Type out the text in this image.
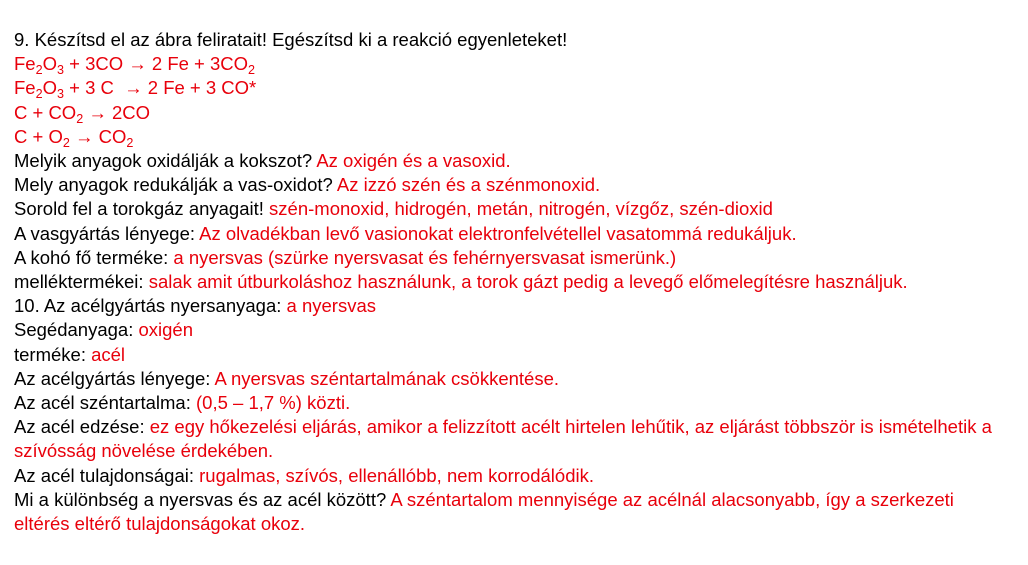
9. Készítsd el az ábra feliratait! Egészítsd ki a reakció egyenleteket!
$Fe_2O_3 + 3CO \to 2$ $Fe + 3CO_2$
$Fe_2O_3 + 3$ C  → 2 Fe + 3 CO*
$C + CO_2 \to 2CO$
$C + O_2 \to CO_2$
Melyik anyagok oxidálják a kokszot? Az oxigén és a vasoxid.
Mely anyagok redukálják a vas-oxidot? Az izzó szén és a szénmonoxid.
Sorold fel a torokgáz anyagait! szén-monoxid, hidrogén, metán, nitrogén, vízgőz, szén-dioxid
A vasgyártás lényege: Az olvadékban levő vasionokat elektronfelvétellel vasatommá redukáljuk.
A kohó fő terméke: a nyersvas (szürke nyersvasat és fehérnyersvasat ismerünk.)
melléktermékei: salak amit útburkoláshoz használunk, a torok gázt pedig a levegő előmelegítésre használjuk.
10. Az acélgyártás nyersanyaga: a nyersvas
Segédanyaga: oxigén
terméke: acél
Az acélgyártás lényege: A nyersvas széntartalmának csökkentése.
Az acél széntartalma: (0,5 – 1,7 %) közti.
Az acél edzése: ez egy hőkezelési eljárás, amikor a felizzított acélt hirtelen lehűtik, az eljárást többször is ismételhetik a szívósság növelése érdekében.
Az acél tulajdonságai: rugalmas, szívós, ellenállóbb, nem korrodálódik.
Mi a különbség a nyersvas és az acél között? A széntartalom mennyisége az acélnál alacsonyabb, így a szerkezeti eltérés eltérő tulajdonságokat okoz.
